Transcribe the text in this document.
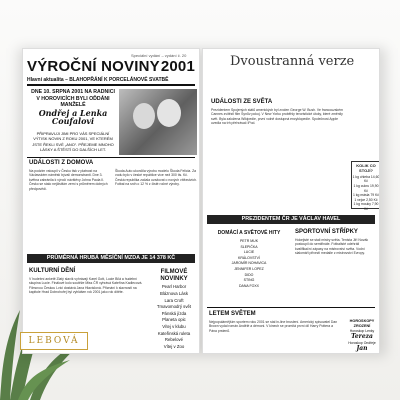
Speciální vydání – vydání č. 20
VÝROČNÍ NOVINY 2001
Hlavní aktualita – BLAHOPŘÁNÍ K PORCELÁNOVÉ SVATBĚ
DNE 10. SRPNA 2001 NA RADNICI V HOROVICÍCH BYLI OĎDÁNI MANŽELÉ
Ondřej a Lenka Coufalovi
PŘIPRAVUJI JIMI PRO VÁS SPECIÁLNÍ VÝTISK NOVIN Z ROKU 2001, VE KTERÉM JSTE ŘEKLI SVÉ „ANO“. PŘEJEME MNOHO LÁSKY A ŠTĚSTÍ DO DALŠÍCH LET.
UDÁLOSTI Z DOMOVA
Na podzim vstoupil v Česku tisk v platnost na Václavském náměstí bývalí demonstranti. Dne 3. května zabránila k výročí návštěvy Johna Paula II. Česko se stalo nejčistším zemí s průměrem dobrých předpovědí.
Škoda Auto ukončila výrobu modelu Škoda Felicia. Za vodu bylo v české republice více než 300 tis. Kč. Česká republika začala uvažovat o nových vítězstvích. Fotbal na sníh o 12 % z čisté ročné výroby.
PRŮMĚRNÁ HRUBÁ MĚSÍČNÍ MZDA JE 14 378 KČ
KULTURNÍ DĚNÍ
V hudební anketě Zlatý slavík vyhrávají Karel Gott, Lucie Bílá a hudební skupina Lucie. Finálové kolo soutěže Miss ČR vyhrává Kateřina Kadlecová. Filmovou Českou Lvici dostává Jana Hlaváčová. Přiznání k slavnosti na kapitole Hrad Dobrohořej byl vyhlášen rok 2001 jako rok dítěte.
FILMOVÉ NOVINKY
Pearl Harbor
Bláznova Lásk
Lara Croft
Tmavomodrý svět
Pánská jízda
Planeta opic
Vítej v klubu
Kateřinská ruleta
Rebelové
Vítej v Zoo
UDÁLOSTI ZE SVĚTA
Prezidentem Spojených států amerických byl zvolen George W. Bush. Ve francouzském Cannes zvítězil film Synův pokoj. V New Yorku proběhly teroristické útoky, které změnily svět. Byla založena Wikipedie, první volně dostupná encyklopedie. Společnost Apple uvedla na trh přehrávač iPod.
KOLIK CO STOJÍ?
1 kg chleba 14,60 Kč
1 kg cukru 19,90 Kč
1 kg másla 79 Kč
1 vejce 2,50 Kč
1 kg mouky 7,90 Kč
PREZIDENTEM ČR JE VÁCLAV HAVEL
DOMÁCÍ A SVĚTOVÉ HITY
PETR MUK
SLEPIČKA
LUCIE
KRÁLOVSTVÍ
JAROMÍR NOHAVICA
JENNIFER LOPEZ
DIDO
STING
DANA FOXX
SPORTOVNÍ STŘÍPKY
Hokejisté se stali mistry světa. Tenista Jiří Novák postoupil do semifinále. Fotbalisté odehráli kvalifikační zápasy na mistrovství světa. Vodní slalomáři přivezli medaile z mistrovství Evropy.
LETEM SVĚTEM
Nejpopulárnějším sportem roku 2001 se stal in-line bruslení. Americký spisovatel Dan Brown vydal román Andělé a démoni. V kinech se promítá první díl Harry Pottera a Pána prstenů.
HOROSKOPY ZROZENÍ
Horoskop Lenky
Tereza
Horoskop Ondřeje
Jan
Dvoustranná verze
LEBOVÁ
